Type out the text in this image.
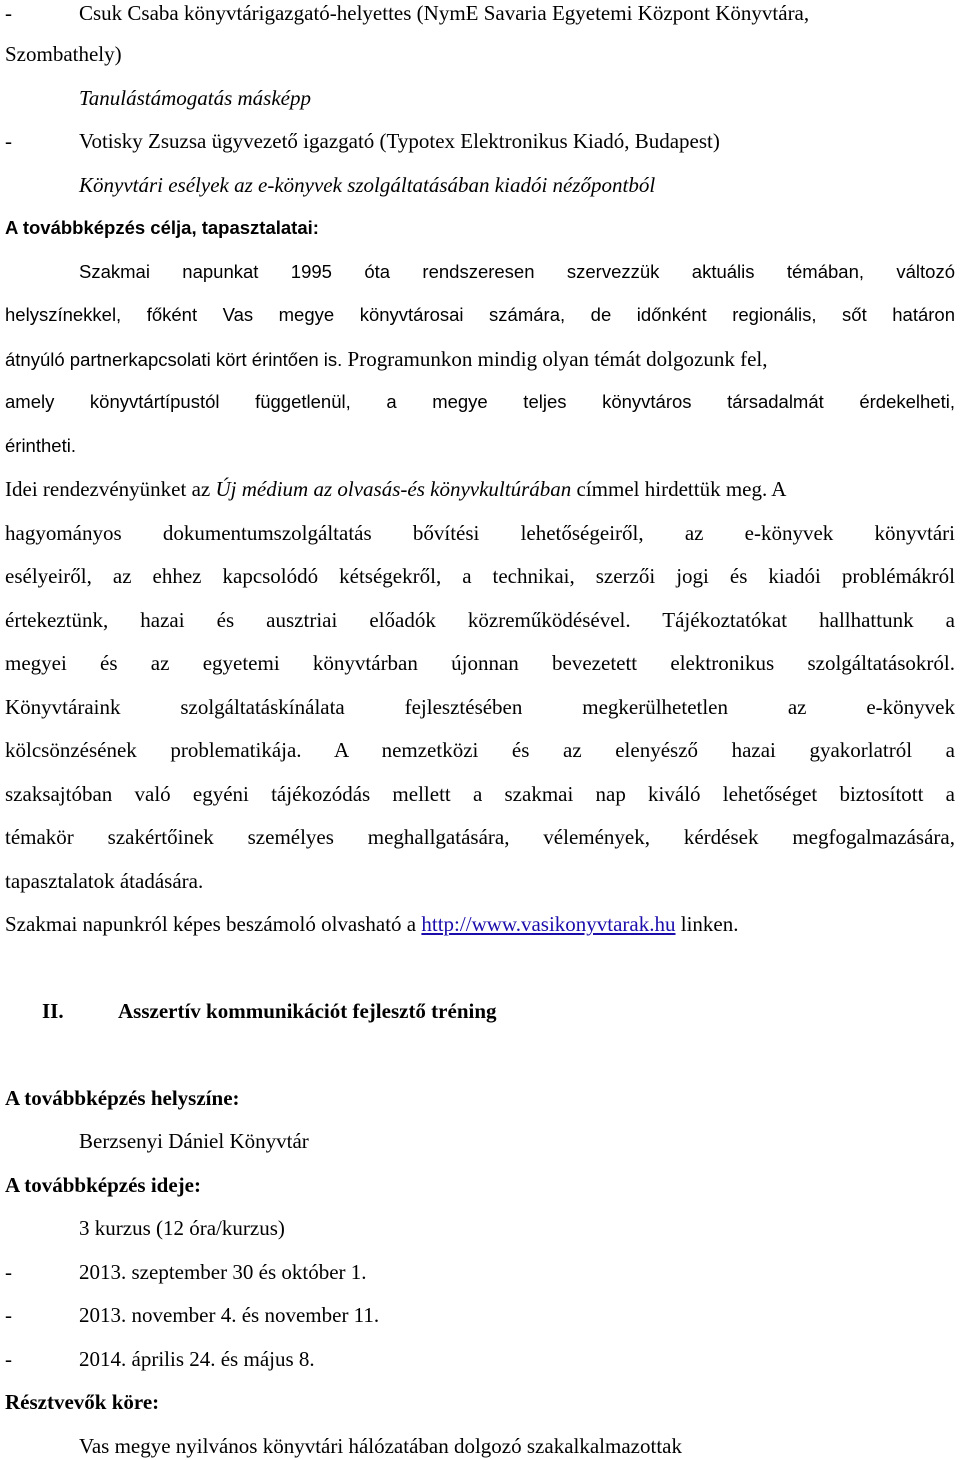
-	Csuk Csaba könyvtárigazgató-helyettes (NymE Savaria Egyetemi Központ Könyvtára,
Szombathely)
Tanulástámogatás másképp
-	Votisky Zsuzsa ügyvezető igazgató (Typotex Elektronikus Kiadó, Budapest)
Könyvtári esélyek az e-könyvek szolgáltatásában kiadói nézőpontból
A továbbképzés célja, tapasztalatai:
Szakmai napunkat 1995 óta rendszeresen szervezzük aktuális témában, változó
helyszínekkel, főként Vas megye könyvtárosai számára, de időnként regionális, sőt határon
átnyúló partnerkapcsolati kört érintően is. Programunkon mindig olyan témát dolgozunk fel,
amely könyvtártípustól függetlenül, a megye teljes könyvtáros társadalmát érdekelheti,
érintheti.
Idei rendezvényünket az Új médium az olvasás-és könyvkultúrában címmel hirdettük meg. A
hagyományos dokumentumszolgáltatás bővítési lehetőségeiről, az e-könyvek könyvtári
esélyeiről, az ehhez kapcsolódó kétségekről, a technikai, szerzői jogi és kiadói problémákról
értekeztünk, hazai és ausztriai előadók közreműködésével. Tájékoztatókat hallhattunk a
megyei és az egyetemi könyvtárban újonnan bevezetett elektronikus szolgáltatásokról.
Könyvtáraink szolgáltatáskínálata fejlesztésében megkerülhetetlen az e-könyvek
kölcsönzésének problematikája. A nemzetközi és az elenyésző hazai gyakorlatról a
szaksajtóban való egyéni tájékozódás mellett a szakmai nap kiváló lehetőséget biztosított a
témakör szakértőinek személyes meghallgatására, vélemények, kérdések megfogalmazására,
tapasztalatok átadására.
Szakmai napunkról képes beszámoló olvasható a http://www.vasikonyvtarak.hu linken.
II.	Asszertív kommunikációt fejlesztő tréning
A továbbképzés helyszíne:
Berzsenyi Dániel Könyvtár
A továbbképzés ideje:
3 kurzus (12 óra/kurzus)
-	2013. szeptember 30 és október 1.
-	2013. november 4. és november 11.
-	2014. április 24. és május 8.
Résztvevők köre:
Vas megye nyilvános könyvtári hálózatában dolgozó szakalkalmazottak
